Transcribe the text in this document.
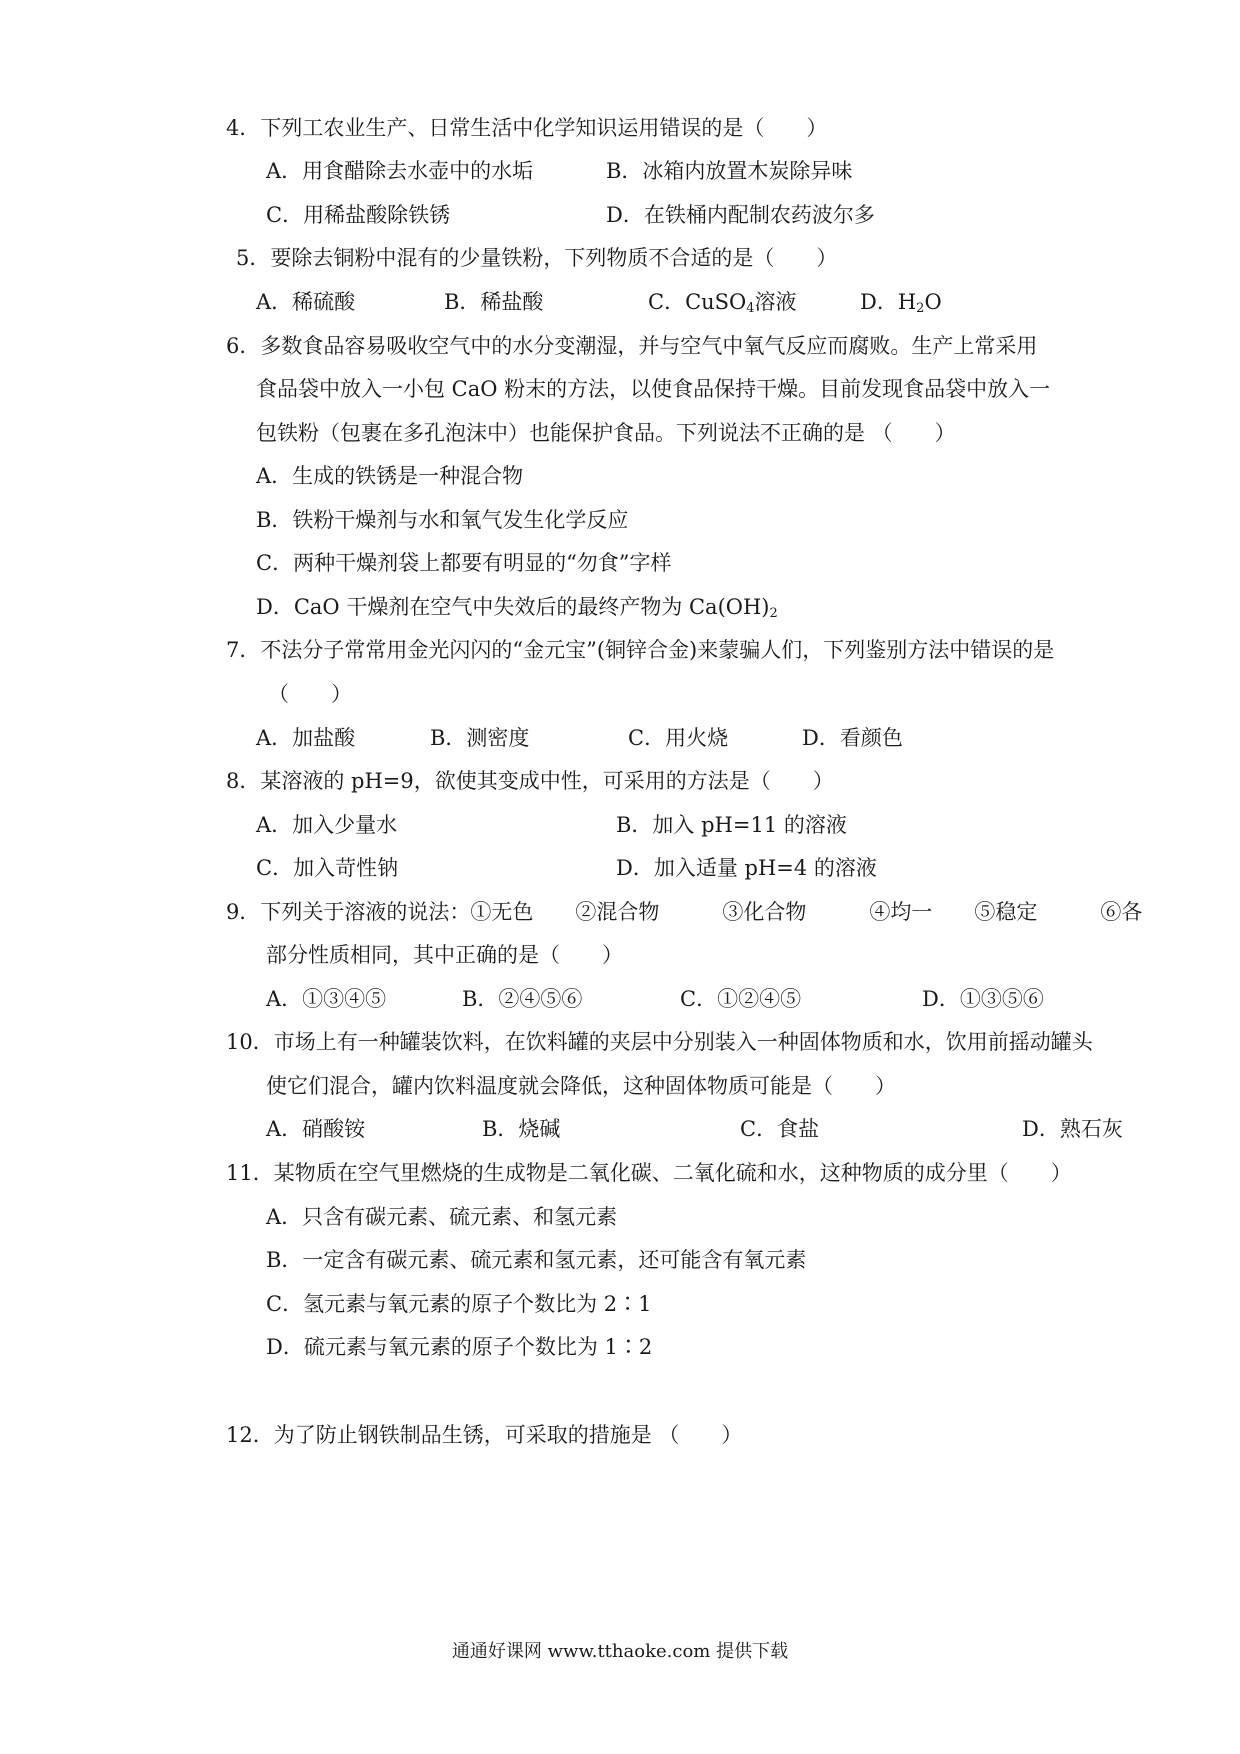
4．下列工农业生产、日常生活中化学知识运用错误的是（　　）
A．用食醋除去水壶中的水垢	B．冰箱内放置木炭除异味
C．用稀盐酸除铁锈	D．在铁桶内配制农药波尔多
5．要除去铜粉中混有的少量铁粉，下列物质不合适的是（　　）
A．稀硫酸	B．稀盐酸	C．CuSO$_4$溶液	D．$H_2O$
6．多数食品容易吸收空气中的水分变潮湿，并与空气中氧气反应而腐败。生产上常采用
食品袋中放入一小包 CaO 粉末的方法，以使食品保持干燥。目前发现食品袋中放入一
包铁粉（包裹在多孔泡沫中）也能保护食品。下列说法不正确的是 （　　）
A．生成的铁锈是一种混合物
B．铁粉干燥剂与水和氧气发生化学反应
C．两种干燥剂袋上都要有明显的“勿食”字样
D．CaO 干燥剂在空气中失效后的最终产物为 $Ca(OH)_2$
7．不法分子常常用金光闪闪的“金元宝”(铜锌合金)来蒙骗人们，下列鉴别方法中错误的是
（　　）
A．加盐酸	B．测密度	C．用火烧	D．看颜色
8．某溶液的 pH=9，欲使其变成中性，可采用的方法是（　　）
A．加入少量水	B．加入 pH=11 的溶液
C．加入苛性钠	D．加入适量 pH=4 的溶液
9．下列关于溶液的说法：①无色　　②混合物　　　③化合物　　　④均一　　⑤稳定　　　⑥各
部分性质相同，其中正确的是（　　）
A．①③④⑤	B．②④⑤⑥	C．①②④⑤	D．①③⑤⑥
10．市场上有一种罐装饮料，在饮料罐的夹层中分别装入一种固体物质和水，饮用前摇动罐头
使它们混合，罐内饮料温度就会降低，这种固体物质可能是（　　）
A．硝酸铵	B．烧碱	C．食盐	D．熟石灰
11．某物质在空气里燃烧的生成物是二氧化碳、二氧化硫和水，这种物质的成分里（　　）
A．只含有碳元素、硫元素、和氢元素
B．一定含有碳元素、硫元素和氢元素，还可能含有氧元素
C．氢元素与氧元素的原子个数比为 2∶1
D．硫元素与氧元素的原子个数比为 1∶2
12．为了防止钢铁制品生锈，可采取的措施是 （　　）
通通好课网 www.tthaoke.com 提供下载
